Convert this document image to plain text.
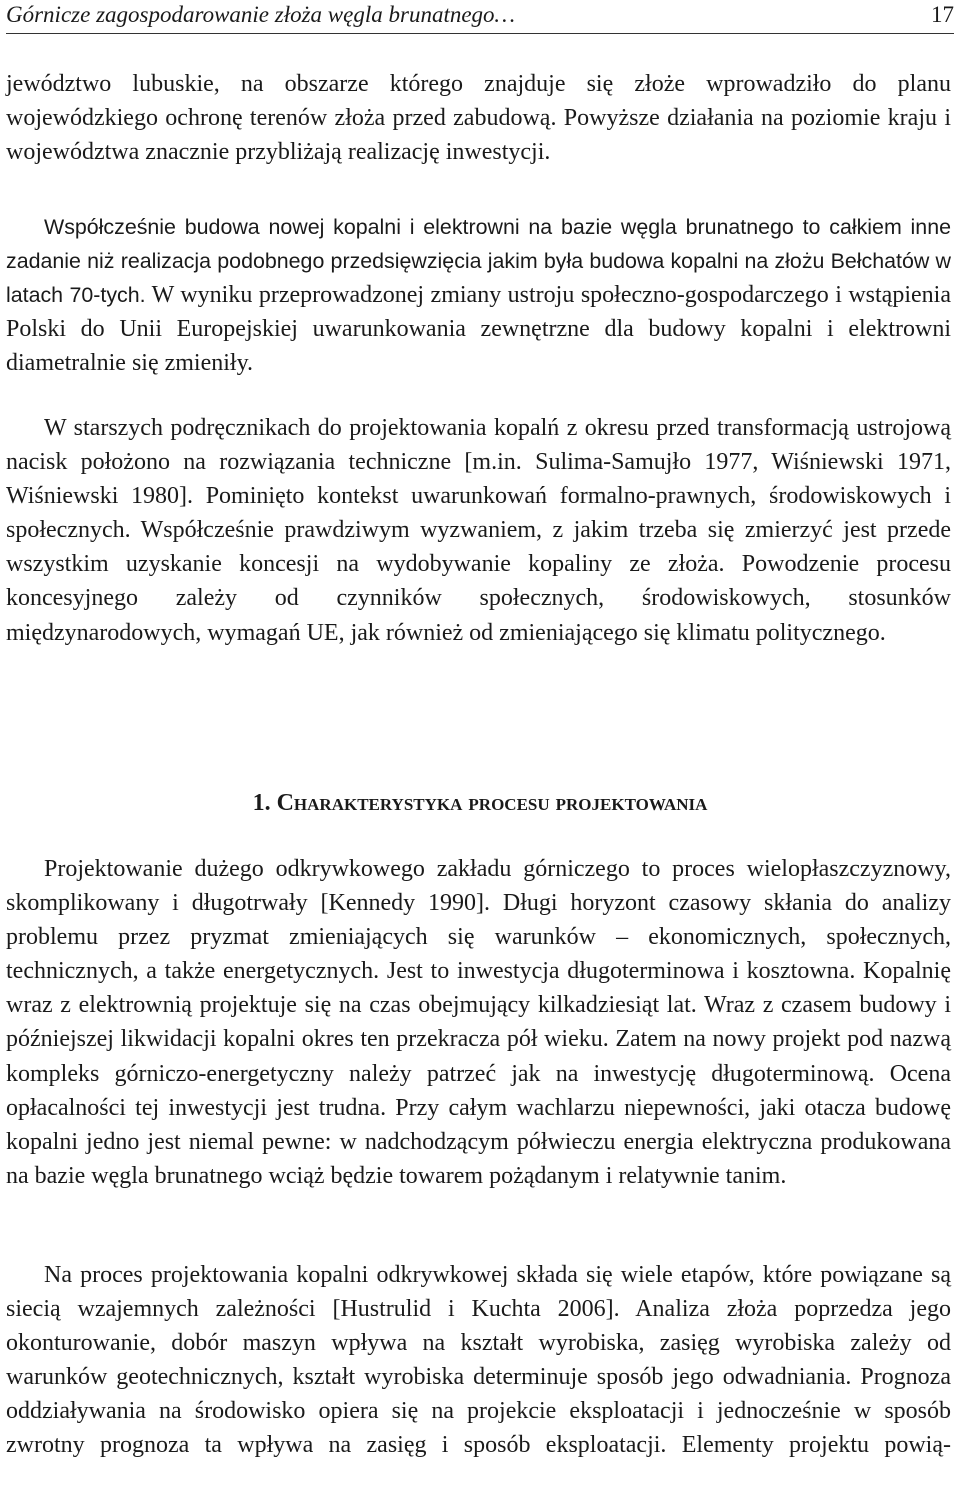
Górnicze zagospodarowanie złoża węgla brunatnego…	17

jewództwo lubuskie, na obszarze którego znajduje się złoże wprowadziło do planu wojewódzkiego ochronę terenów złoża przed zabudową. Powyższe działania na poziomie kraju i województwa znacznie przybliżają realizację inwestycji.

Współcześnie budowa nowej kopalni i elektrowni na bazie węgla brunatnego to całkiem inne zadanie niż realizacja podobnego przedsięwzięcia jakim była budowa kopalni na złożu Bełchatów w latach 70-tych. W wyniku przeprowadzonej zmiany ustroju społeczno-gospodarczego i wstąpienia Polski do Unii Europejskiej uwarunkowania zewnętrzne dla budowy kopalni i elektrowni diametralnie się zmieniły.

W starszych podręcznikach do projektowania kopalń z okresu przed transformacją ustrojową nacisk położono na rozwiązania techniczne [m.in. Sulima-Samujło 1977, Wiśniewski 1971, Wiśniewski 1980]. Pominięto kontekst uwarunkowań formalno-prawnych, środowiskowych i społecznych. Współcześnie prawdziwym wyzwaniem, z jakim trzeba się zmierzyć jest przede wszystkim uzyskanie koncesji na wydobywanie kopaliny ze złoża. Powodzenie procesu koncesyjnego zależy od czynników społecznych, środowiskowych, stosunków międzynarodowych, wymagań UE, jak również od zmieniającego się klimatu politycznego.

1. Charakterystyka procesu projektowania

Projektowanie dużego odkrywkowego zakładu górniczego to proces wielopłaszczyznowy, skomplikowany i długotrwały [Kennedy 1990]. Długi horyzont czasowy skłania do analizy problemu przez pryzmat zmieniających się warunków – ekonomicznych, społecznych, technicznych, a także energetycznych. Jest to inwestycja długoterminowa i kosztowna. Kopalnię wraz z elektrownią projektuje się na czas obejmujący kilkadziesiąt lat. Wraz z czasem budowy i późniejszej likwidacji kopalni okres ten przekracza pół wieku. Zatem na nowy projekt pod nazwą kompleks górniczo-energetyczny należy patrzeć jak na inwestycję długoterminową. Ocena opłacalności tej inwestycji jest trudna. Przy całym wachlarzu niepewności, jaki otacza budowę kopalni jedno jest niemal pewne: w nadchodzącym półwieczu energia elektryczna produkowana na bazie węgla brunatnego wciąż będzie towarem pożądanym i relatywnie tanim.

Na proces projektowania kopalni odkrywkowej składa się wiele etapów, które powiązane są siecią wzajemnych zależności [Hustrulid i Kuchta 2006]. Analiza złoża poprzedza jego okonturowanie, dobór maszyn wpływa na kształt wyrobiska, zasięg wyrobiska zależy od warunków geotechnicznych, kształt wyrobiska determinuje sposób jego odwadniania. Prognoza oddziaływania na środowisko opiera się na projekcie eksploatacji i jednocześnie w sposób zwrotny prognoza ta wpływa na zasięg i sposób eksploatacji. Elementy projektu powią-
